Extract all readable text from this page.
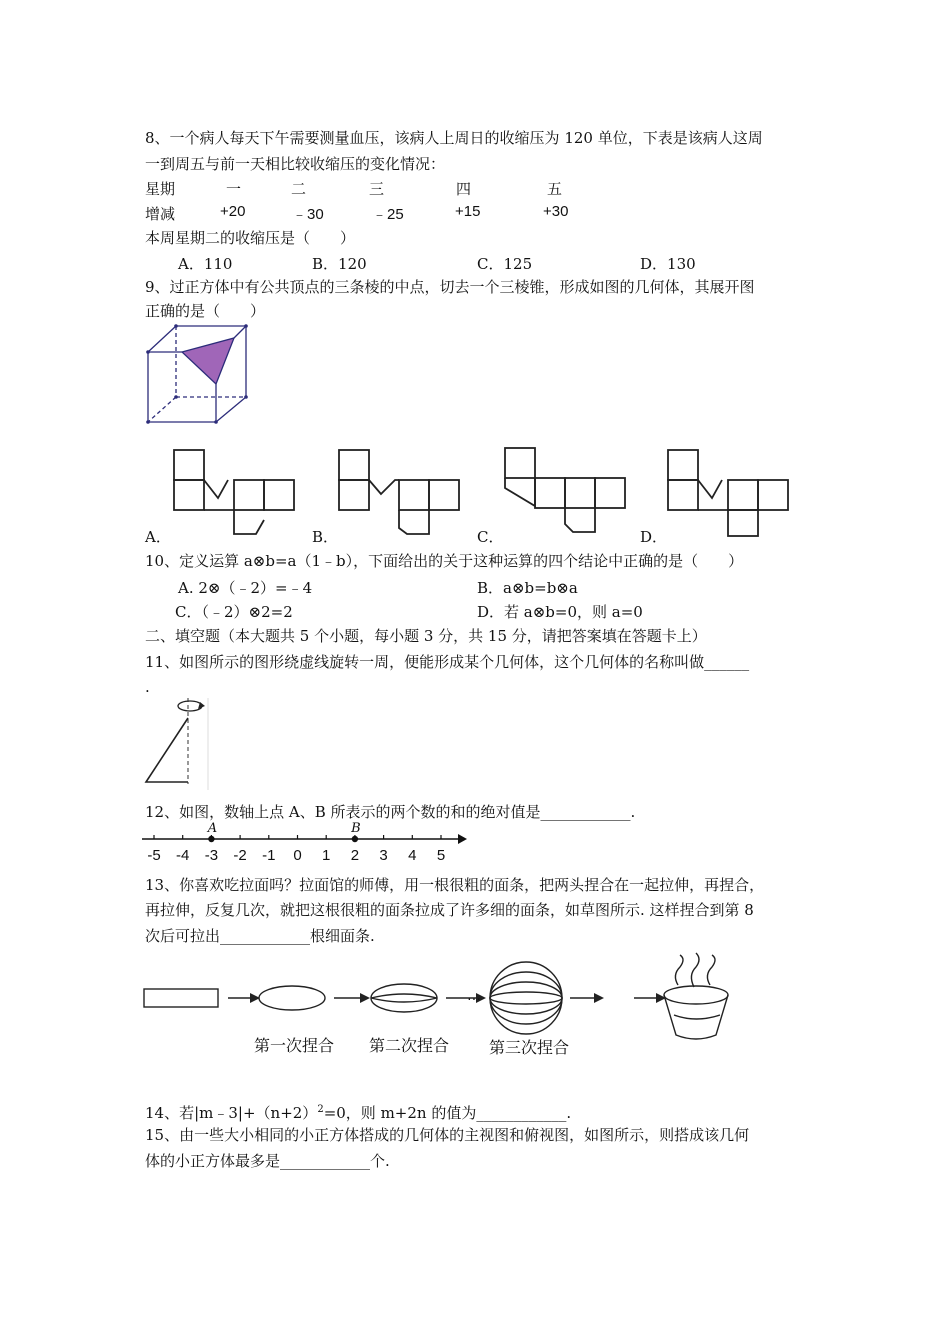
8、一个病人每天下午需要测量血压，该病人上周日的收缩压为 120 单位，下表是该病人这周
一到周五与前一天相比较收缩压的变化情况：
星期	一	二	三	四	五
增减	+20	﹣30	﹣25	+15	+30
本周星期二的收缩压是（　　）
A．110	B．120	C．125	D．130
9、过正方体中有公共顶点的三条棱的中点，切去一个三棱锥，形成如图的几何体，其展开图
正确的是（　　）
A．	B．	C．	D．
10、定义运算 a⊗b=a（1﹣b），下面给出的关于这种运算的四个结论中正确的是（　　）
A. 2⊗（﹣2）=﹣4	B．a⊗b=b⊗a
C．（﹣2）⊗2=2	D．若 a⊗b=0，则 a=0
二、填空题（本大题共 5 个小题，每小题 3 分，共 15 分，请把答案填在答题卡上）
11、如图所示的图形绕虚线旋转一周，便能形成某个几何体，这个几何体的名称叫做______
.
12、如图，数轴上点 A、B 所表示的两个数的和的绝对值是____________.
-5 -4 -3 -2 -1 0 1 2 3 4 5
A	B
13、你喜欢吃拉面吗？拉面馆的师傅，用一根很粗的面条，把两头捏合在一起拉伸，再捏合，
再拉伸，反复几次，就把这根很粗的面条拉成了许多细的面条，如草图所示. 这样捏合到第 8
次后可拉出____________根细面条.
···
第一次捏合 第二次捏合 第三次捏合
14、若$|m﹣3|+(n+2)^2=0$，则 m+2n 的值为____________.
15、由一些大小相同的小正方体搭成的几何体的主视图和俯视图，如图所示，则搭成该几何
体的小正方体最多是____________个.
